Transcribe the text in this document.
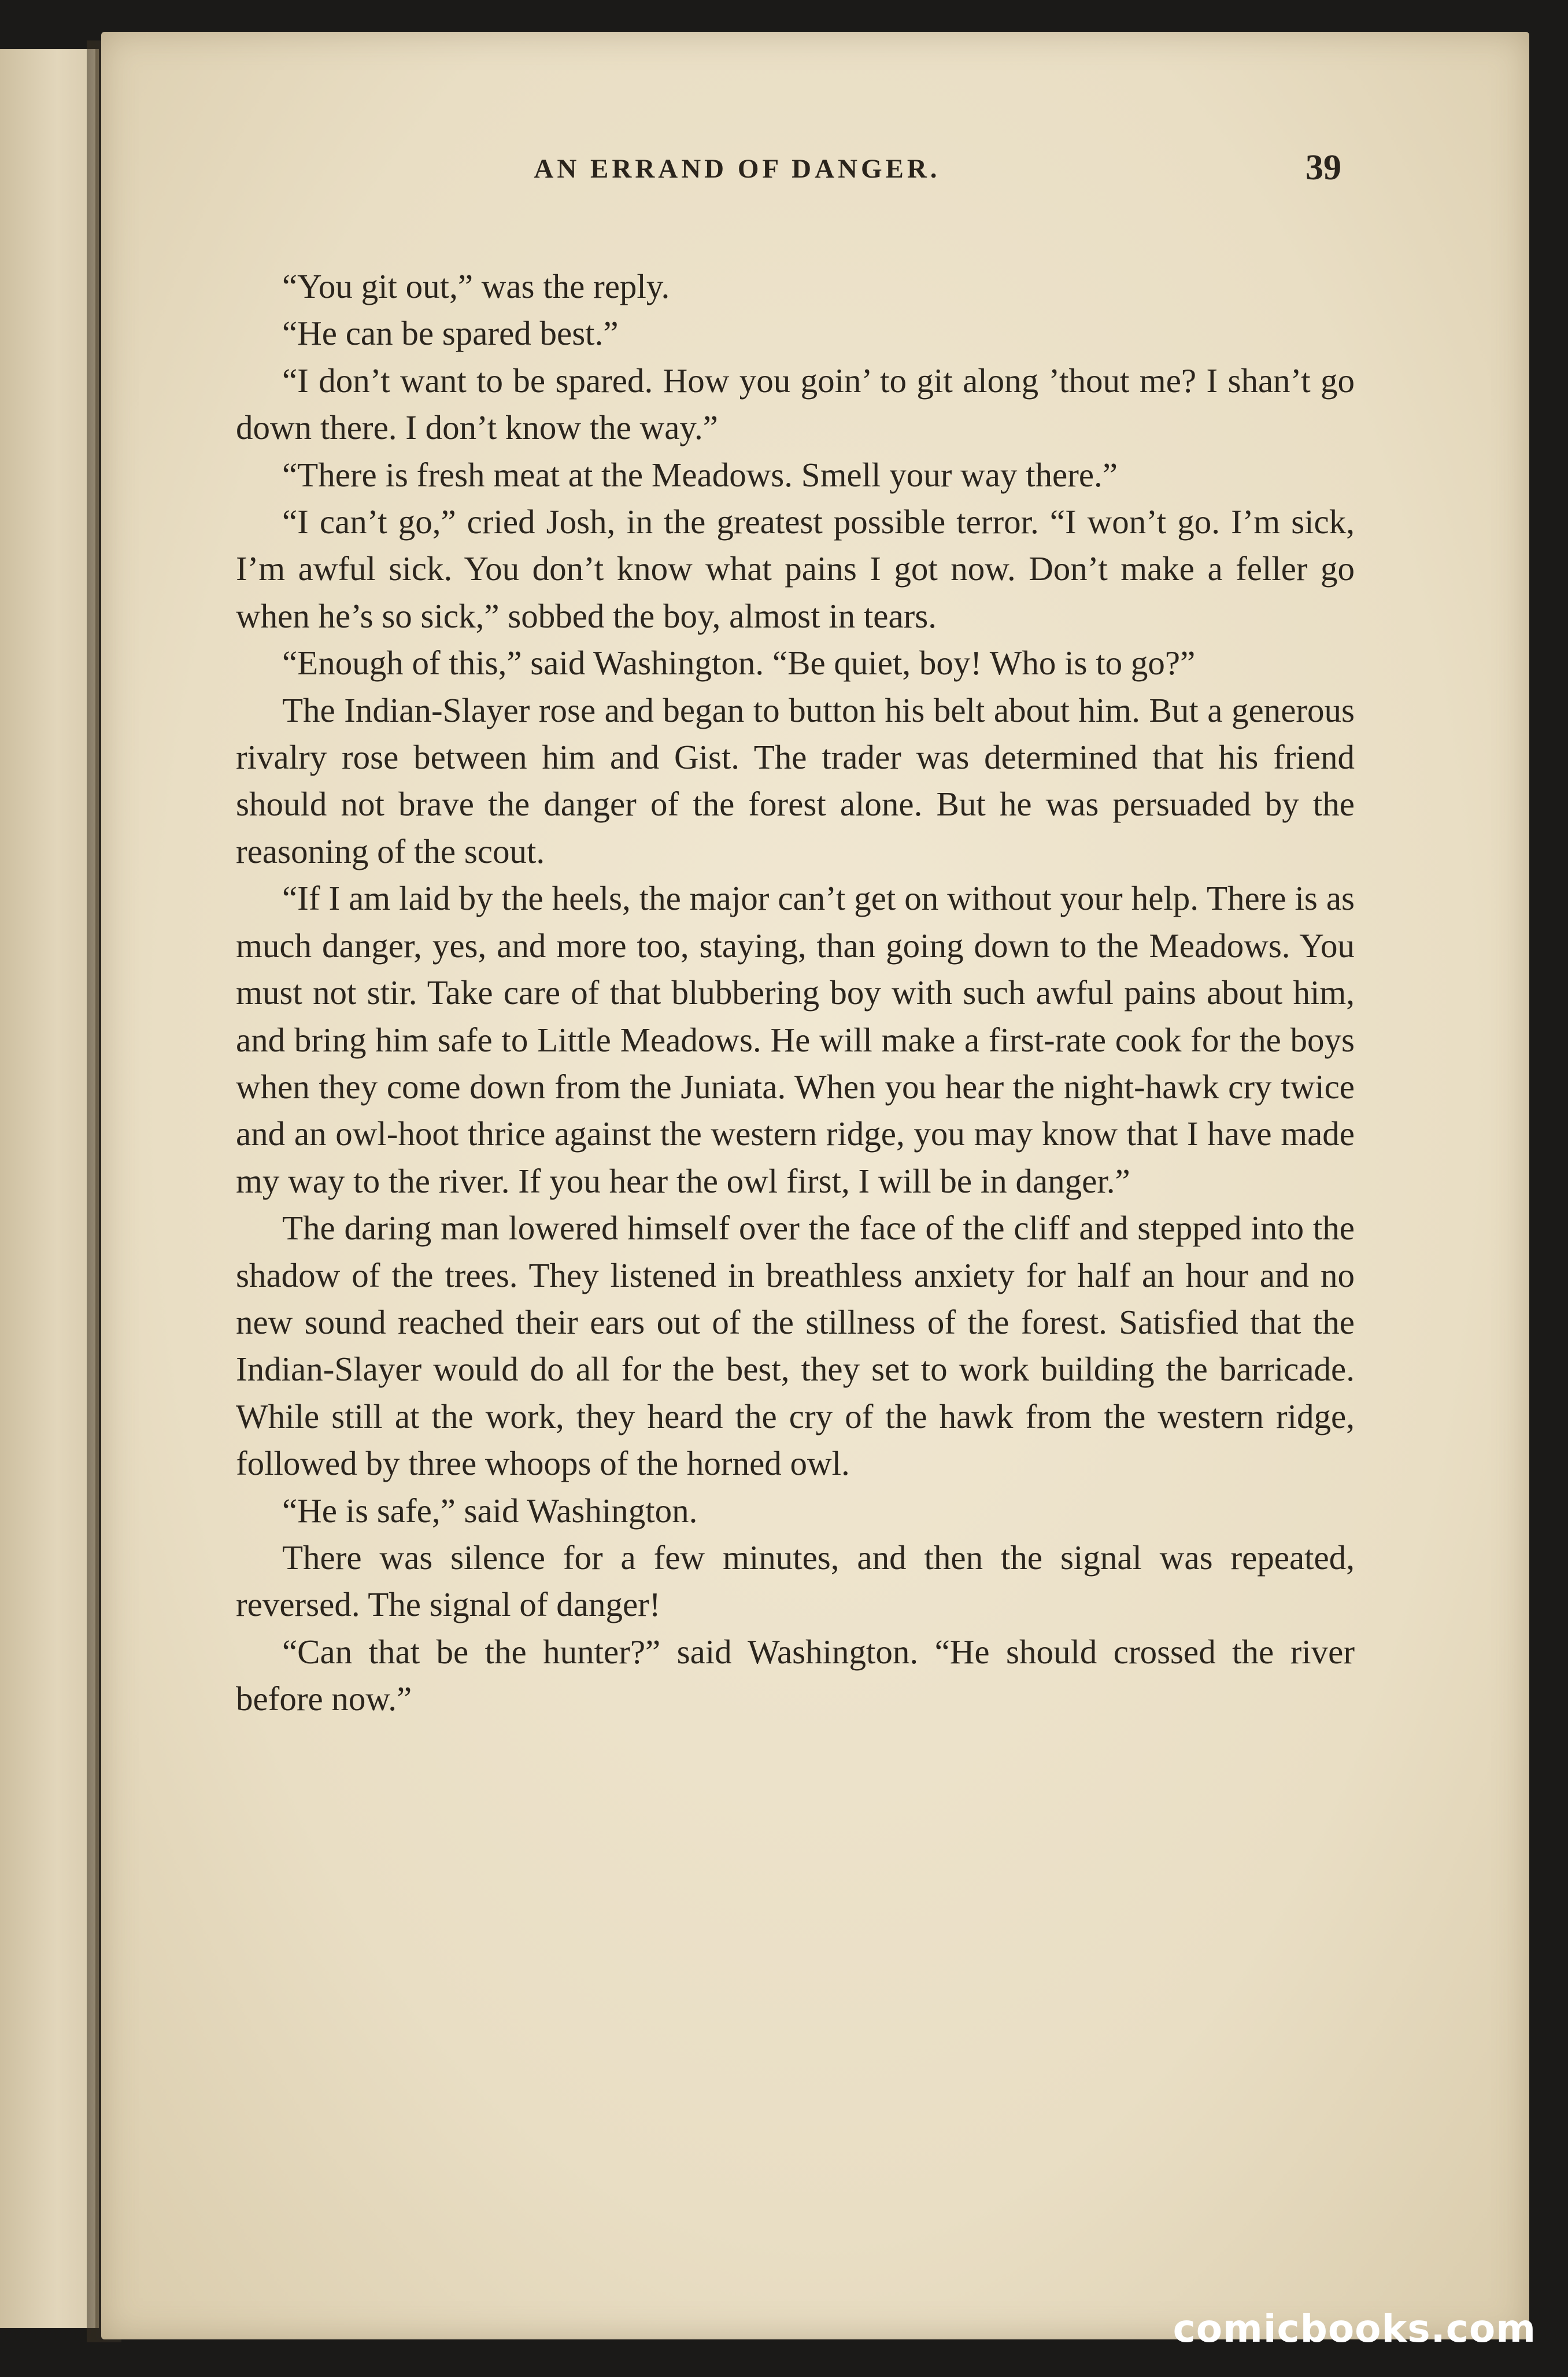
AN ERRAND OF DANGER.	39

“You git out,” was the reply.

“He can be spared best.”

“I don’t want to be spared. How you goin’ to git along ’thout me? I shan’t go down there. I don’t know the way.”

“There is fresh meat at the Meadows. Smell your way there.”

“I can’t go,” cried Josh, in the greatest possible terror. “I won’t go. I’m sick, I’m awful sick. You don’t know what pains I got now. Don’t make a feller go when he’s so sick,” sobbed the boy, almost in tears.

“Enough of this,” said Washington. “Be quiet, boy! Who is to go?”

The Indian-Slayer rose and began to button his belt about him. But a generous rivalry rose between him and Gist. The trader was determined that his friend should not brave the danger of the forest alone. But he was persuaded by the reasoning of the scout.

“If I am laid by the heels, the major can’t get on without your help. There is as much danger, yes, and more too, staying, than going down to the Meadows. You must not stir. Take care of that blubbering boy with such awful pains about him, and bring him safe to Little Meadows. He will make a first-rate cook for the boys when they come down from the Juniata. When you hear the night-hawk cry twice and an owl-hoot thrice against the western ridge, you may know that I have made my way to the river. If you hear the owl first, I will be in danger.”

The daring man lowered himself over the face of the cliff and stepped into the shadow of the trees. They listened in breathless anxiety for half an hour and no new sound reached their ears out of the stillness of the forest. Satisfied that the Indian-Slayer would do all for the best, they set to work building the barricade. While still at the work, they heard the cry of the hawk from the western ridge, followed by three whoops of the horned owl.

“He is safe,” said Washington.

There was silence for a few minutes, and then the signal was repeated, reversed. The signal of danger!

“Can that be the hunter?” said Washington. “He should crossed the river before now.”

comicbooks.com
